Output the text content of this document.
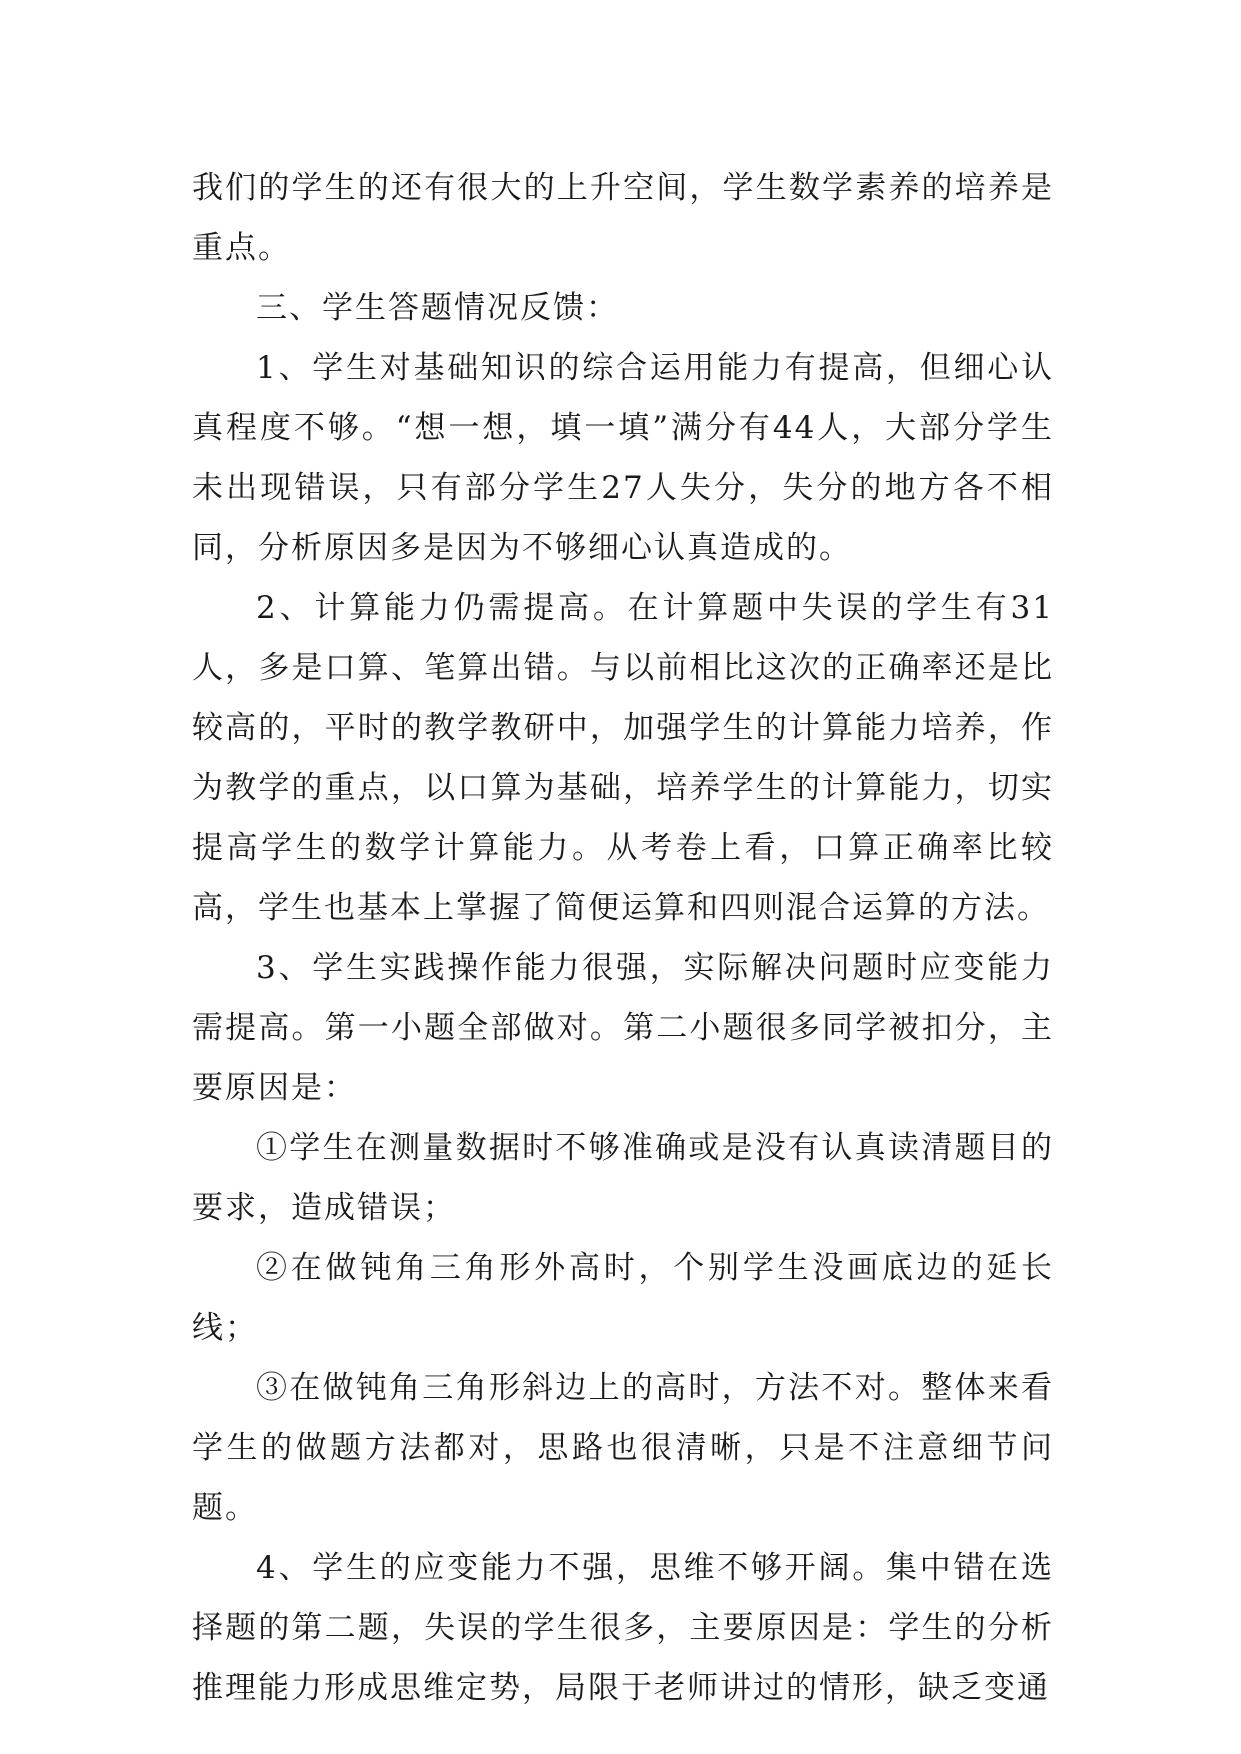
我们的学生的还有很大的上升空间，学生数学素养的培养是重点。

三、学生答题情况反馈：

1、学生对基础知识的综合运用能力有提高，但细心认真程度不够。“想一想，填一填”满分有44人，大部分学生未出现错误，只有部分学生27人失分，失分的地方各不相同，分析原因多是因为不够细心认真造成的。

2、计算能力仍需提高。在计算题中失误的学生有31人，多是口算、笔算出错。与以前相比这次的正确率还是比较高的，平时的教学教研中，加强学生的计算能力培养，作为教学的重点，以口算为基础，培养学生的计算能力，切实提高学生的数学计算能力。从考卷上看，口算正确率比较高，学生也基本上掌握了简便运算和四则混合运算的方法。

3、学生实践操作能力很强，实际解决问题时应变能力需提高。第一小题全部做对。第二小题很多同学被扣分，主要原因是：

①学生在测量数据时不够准确或是没有认真读清题目的要求，造成错误；

②在做钝角三角形外高时，个别学生没画底边的延长线；

③在做钝角三角形斜边上的高时，方法不对。整体来看学生的做题方法都对，思路也很清晰，只是不注意细节问题。

4、学生的应变能力不强，思维不够开阔。集中错在选择题的第二题，失误的学生很多，主要原因是：学生的分析推理能力形成思维定势，局限于老师讲过的情形，缺乏变通
